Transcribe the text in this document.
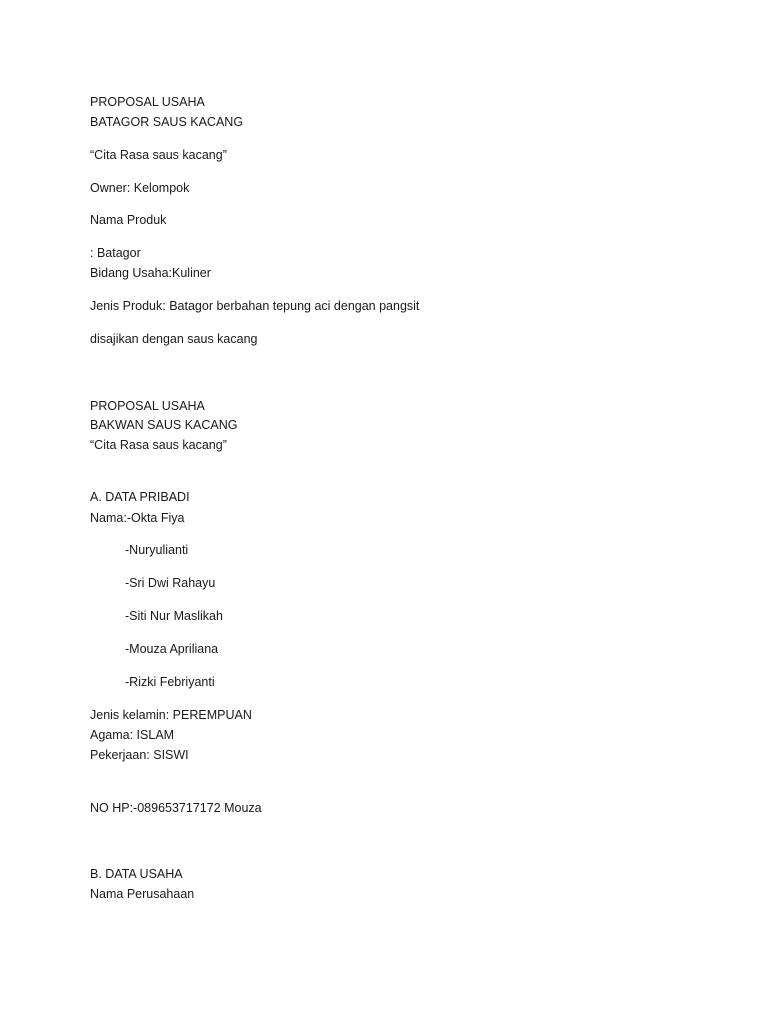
PROPOSAL USAHA
BATAGOR SAUS KACANG
“Cita Rasa saus kacang”
Owner: Kelompok
Nama Produk
: Batagor
Bidang Usaha:Kuliner
Jenis Produk: Batagor berbahan tepung aci dengan pangsit
disajikan dengan saus kacang
PROPOSAL USAHA
BAKWAN SAUS KACANG
“Cita Rasa saus kacang”
A. DATA PRIBADI
Nama:-Okta Fiya
-Nuryulianti
-Sri Dwi Rahayu
-Siti Nur Maslikah
-Mouza Apriliana
-Rizki Febriyanti
Jenis kelamin: PEREMPUAN
Agama: ISLAM
Pekerjaan: SISWI
NO HP:-089653717172 Mouza
B. DATA USAHA
Nama Perusahaan
